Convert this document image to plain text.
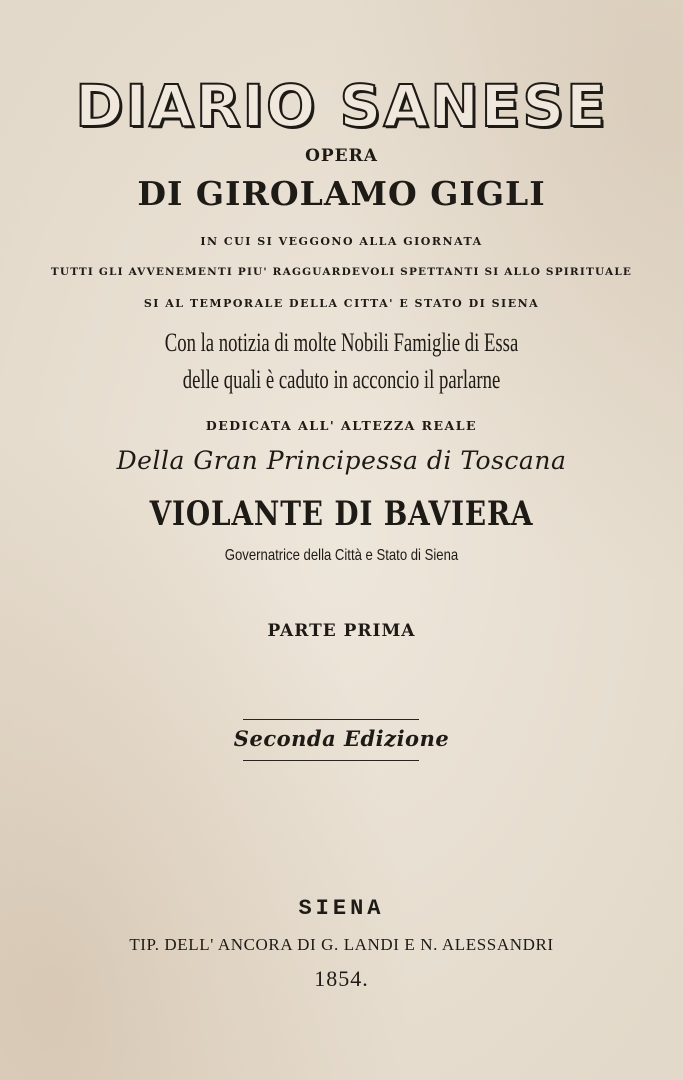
DIARIO SANESE
OPERA
DI GIROLAMO GIGLI
IN CUI SI VEGGONO ALLA GIORNATA
TUTTI GLI AVVENEMENTI PIU' RAGGUARDEVOLI SPETTANTI SI ALLO SPIRITUALE
SI AL TEMPORALE DELLA CITTA' E STATO DI SIENA
Con la notizia di molte Nobili Famiglie di Essa
delle quali è caduto in acconcio il parlarne
DEDICATA ALL' ALTEZZA REALE
Della Gran Principessa di Toscana
VIOLANTE DI BAVIERA
Governatrice della Città e Stato di Siena
PARTE PRIMA
Seconda Edizione
SIENA
TIP. DELL' ANCORA DI G. LANDI E N. ALESSANDRI
1854.
